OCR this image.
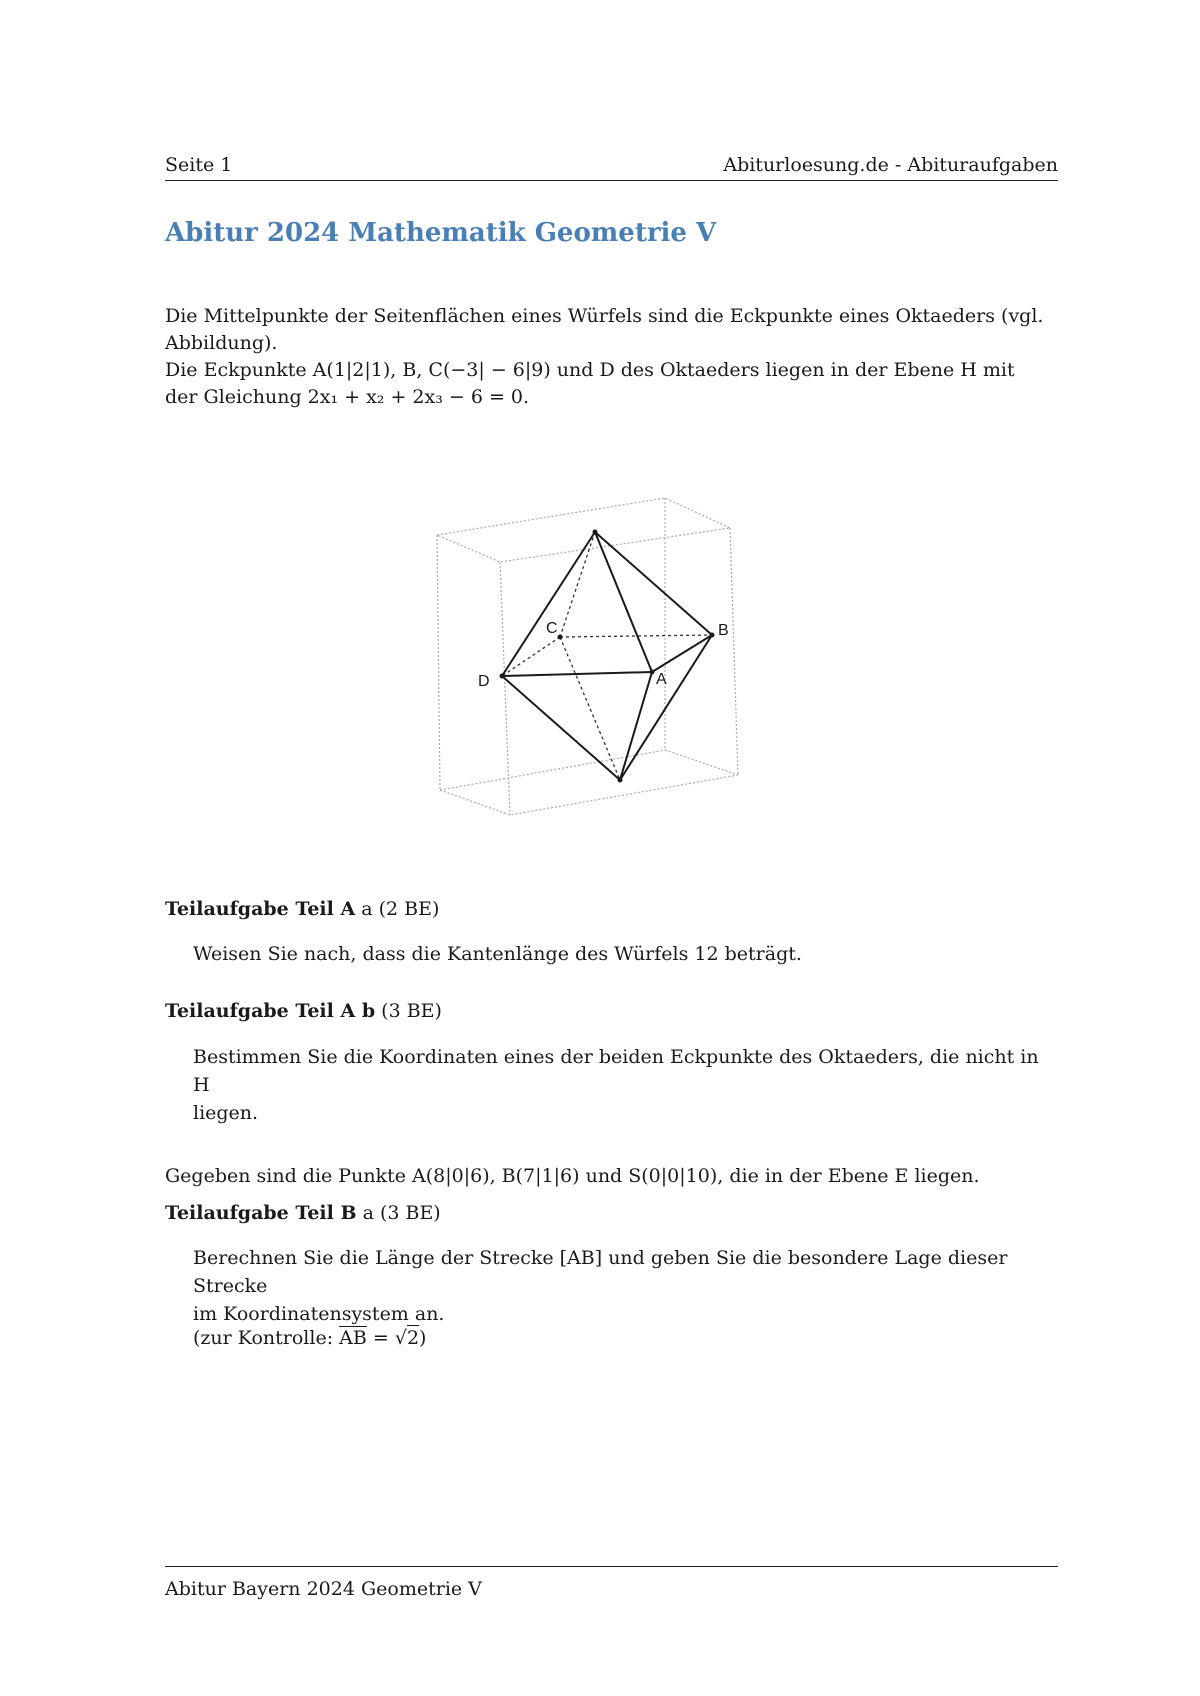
Seite 1	Abiturloesung.de - Abituraufgaben
Abitur 2024 Mathematik Geometrie V
Die Mittelpunkte der Seitenflächen eines Würfels sind die Eckpunkte eines Oktaeders (vgl.
Abbildung).
Die Eckpunkte A(1|2|1), B, C(−3| − 6|9) und D des Oktaeders liegen in der Ebene H mit
der Gleichung 2x₁ + x₂ + 2x₃ − 6 = 0.
C	B
D	A
Teilaufgabe Teil A a (2 BE)
Weisen Sie nach, dass die Kantenlänge des Würfels 12 beträgt.
Teilaufgabe Teil A b (3 BE)
Bestimmen Sie die Koordinaten eines der beiden Eckpunkte des Oktaeders, die nicht in H
liegen.
Gegeben sind die Punkte A(8|0|6), B(7|1|6) und S(0|0|10), die in der Ebene E liegen.
Teilaufgabe Teil B a (3 BE)
Berechnen Sie die Länge der Strecke [AB] und geben Sie die besondere Lage dieser Strecke
im Koordinatensystem an.
(zur Kontrolle: $\overline{AB} = √2$)
Abitur Bayern 2024 Geometrie V
